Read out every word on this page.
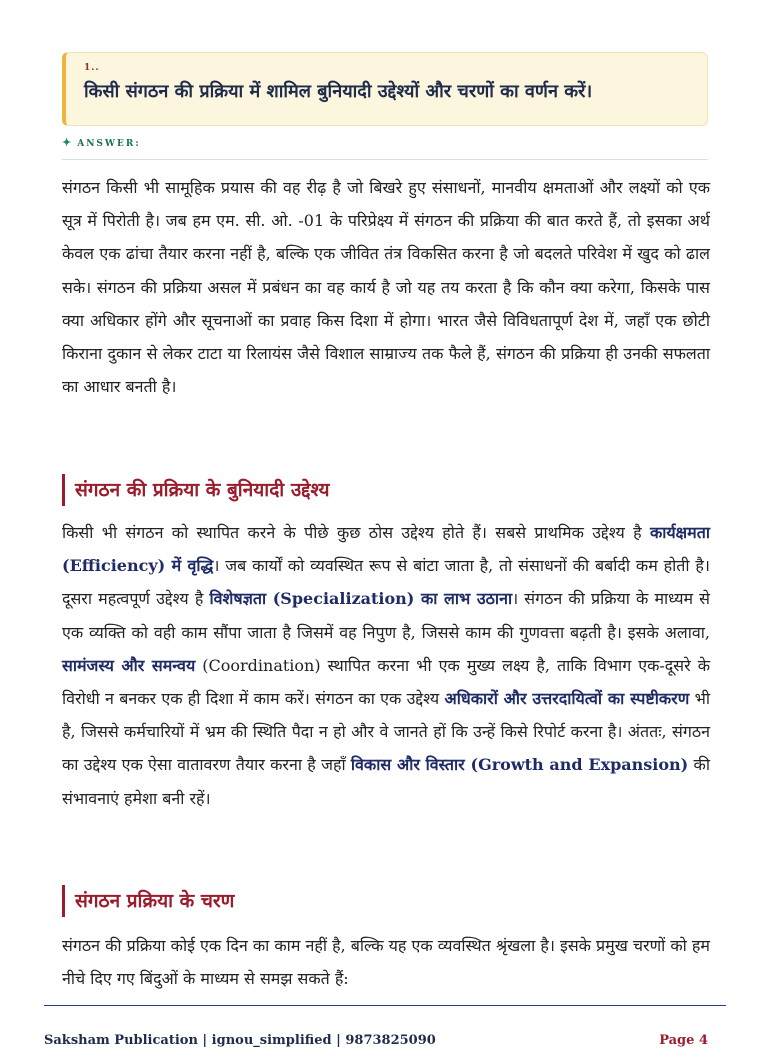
1..
किसी संगठन की प्रक्रिया में शामिल बुनियादी उद्देश्यों और चरणों का वर्णन करें।
✦ ANSWER:

संगठन किसी भी सामूहिक प्रयास की वह रीढ़ है जो बिखरे हुए संसाधनों, मानवीय क्षमताओं और लक्ष्यों को एक सूत्र में पिरोती है। जब हम एम. सी. ओ. -01 के परिप्रेक्ष्य में संगठन की प्रक्रिया की बात करते हैं, तो इसका अर्थ केवल एक ढांचा तैयार करना नहीं है, बल्कि एक जीवित तंत्र विकसित करना है जो बदलते परिवेश में खुद को ढाल सके। संगठन की प्रक्रिया असल में प्रबंधन का वह कार्य है जो यह तय करता है कि कौन क्या करेगा, किसके पास क्या अधिकार होंगे और सूचनाओं का प्रवाह किस दिशा में होगा। भारत जैसे विविधतापूर्ण देश में, जहाँ एक छोटी किराना दुकान से लेकर टाटा या रिलायंस जैसे विशाल साम्राज्य तक फैले हैं, संगठन की प्रक्रिया ही उनकी सफलता का आधार बनती है।

संगठन की प्रक्रिया के बुनियादी उद्देश्य

किसी भी संगठन को स्थापित करने के पीछे कुछ ठोस उद्देश्य होते हैं। सबसे प्राथमिक उद्देश्य है कार्यक्षमता (Efficiency) में वृद्धि। जब कार्यों को व्यवस्थित रूप से बांटा जाता है, तो संसाधनों की बर्बादी कम होती है। दूसरा महत्वपूर्ण उद्देश्य है विशेषज्ञता (Specialization) का लाभ उठाना। संगठन की प्रक्रिया के माध्यम से एक व्यक्ति को वही काम सौंपा जाता है जिसमें वह निपुण है, जिससे काम की गुणवत्ता बढ़ती है। इसके अलावा, सामंजस्य और समन्वय (Coordination) स्थापित करना भी एक मुख्य लक्ष्य है, ताकि विभाग एक-दूसरे के विरोधी न बनकर एक ही दिशा में काम करें। संगठन का एक उद्देश्य अधिकारों और उत्तरदायित्वों का स्पष्टीकरण भी है, जिससे कर्मचारियों में भ्रम की स्थिति पैदा न हो और वे जानते हों कि उन्हें किसे रिपोर्ट करना है। अंततः, संगठन का उद्देश्य एक ऐसा वातावरण तैयार करना है जहाँ विकास और विस्तार (Growth and Expansion) की संभावनाएं हमेशा बनी रहें।

संगठन प्रक्रिया के चरण

संगठन की प्रक्रिया कोई एक दिन का काम नहीं है, बल्कि यह एक व्यवस्थित श्रृंखला है। इसके प्रमुख चरणों को हम नीचे दिए गए बिंदुओं के माध्यम से समझ सकते हैं:

Saksham Publication | ignou_simplified | 9873825090	Page 4
